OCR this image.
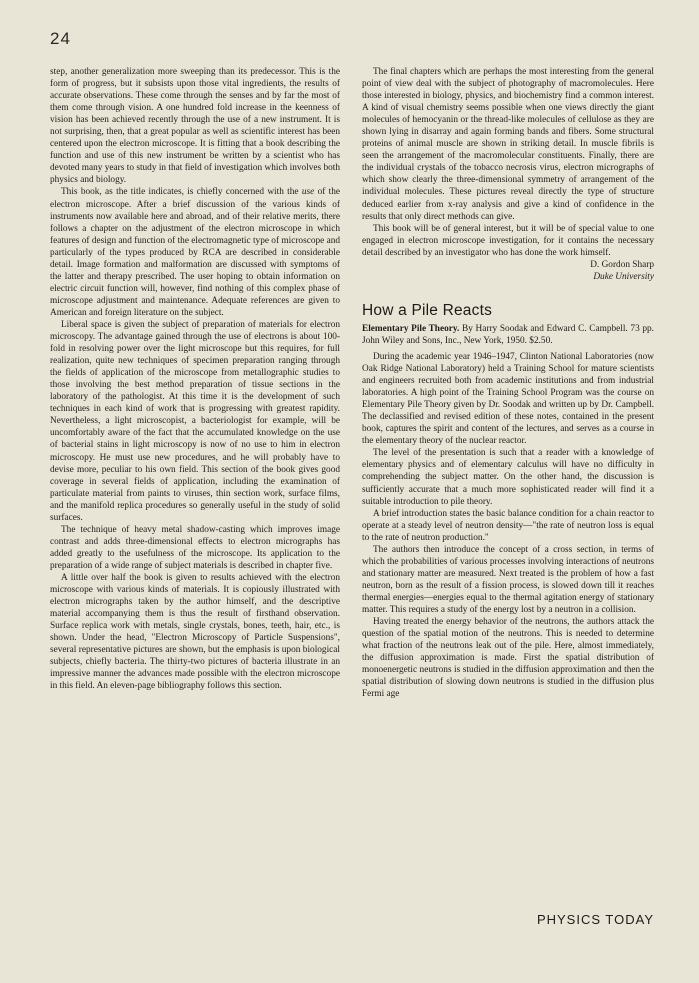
24

step, another generalization more sweeping than its predecessor. This is the form of progress, but it subsists upon those vital ingredients, the results of accurate observations. These come through the senses and by far the most of them come through vision. A one hundred fold increase in the keenness of vision has been achieved recently through the use of a new instrument. It is not surprising, then, that a great popular as well as scientific interest has been centered upon the electron microscope. It is fitting that a book describing the function and use of this new instrument be written by a scientist who has devoted many years to study in that field of investigation which involves both physics and biology.

This book, as the title indicates, is chiefly concerned with the use of the electron microscope. After a brief discussion of the various kinds of instruments now available here and abroad, and of their relative merits, there follows a chapter on the adjustment of the electron microscope in which features of design and function of the electromagnetic type of microscope and particularly of the types produced by RCA are described in considerable detail. Image formation and malformation are discussed with symptoms of the latter and therapy prescribed. The user hoping to obtain information on electric circuit function will, however, find nothing of this complex phase of microscope adjustment and maintenance. Adequate references are given to American and foreign literature on the subject.

Liberal space is given the subject of preparation of materials for electron microscopy. The advantage gained through the use of electrons is about 100-fold in resolving power over the light microscope but this requires, for full realization, quite new techniques of specimen preparation ranging through the fields of application of the microscope from metallographic studies to those involving the best method preparation of tissue sections in the laboratory of the pathologist. At this time it is the development of such techniques in each kind of work that is progressing with greatest rapidity. Nevertheless, a light microscopist, a bacteriologist for example, will be uncomfortably aware of the fact that the accumulated knowledge on the use of bacterial stains in light microscopy is now of no use to him in electron microscopy. He must use new procedures, and he will probably have to devise more, peculiar to his own field. This section of the book gives good coverage in several fields of application, including the examination of particulate material from paints to viruses, thin section work, surface films, and the manifold replica procedures so generally useful in the study of solid surfaces.

The technique of heavy metal shadow-casting which improves image contrast and adds three-dimensional effects to electron micrographs has added greatly to the usefulness of the microscope. Its application to the preparation of a wide range of subject materials is described in chapter five.

A little over half the book is given to results achieved with the electron microscope with various kinds of materials. It is copiously illustrated with electron micrographs taken by the author himself, and the descriptive material accompanying them is thus the result of firsthand observation. Surface replica work with metals, single crystals, bones, teeth, hair, etc., is shown. Under the head, "Electron Microscopy of Particle Suspensions", several representative pictures are shown, but the emphasis is upon biological subjects, chiefly bacteria. The thirty-two pictures of bacteria illustrate in an impressive manner the advances made possible with the electron microscope in this field. An eleven-page bibliography follows this section.

The final chapters which are perhaps the most interesting from the general point of view deal with the subject of photography of macromolecules. Here those interested in biology, physics, and biochemistry find a common interest. A kind of visual chemistry seems possible when one views directly the giant molecules of hemocyanin or the thread-like molecules of cellulose as they are shown lying in disarray and again forming bands and fibers. Some structural proteins of animal muscle are shown in striking detail. In muscle fibrils is seen the arrangement of the macromolecular constituents. Finally, there are the individual crystals of the tobacco necrosis virus, electron micrographs of which show clearly the three-dimensional symmetry of arrangement of the individual molecules. These pictures reveal directly the type of structure deduced earlier from x-ray analysis and give a kind of confidence in the results that only direct methods can give.

This book will be of general interest, but it will be of special value to one engaged in electron microscope investigation, for it contains the necessary detail described by an investigator who has done the work himself.

D. Gordon Sharp

Duke University

How a Pile Reacts

Elementary Pile Theory. By Harry Soodak and Edward C. Campbell. 73 pp. John Wiley and Sons, Inc., New York, 1950. $2.50.

During the academic year 1946–1947, Clinton National Laboratories (now Oak Ridge National Laboratory) held a Training School for mature scientists and engineers recruited both from academic institutions and from industrial laboratories. A high point of the Training School Program was the course on Elementary Pile Theory given by Dr. Soodak and written up by Dr. Campbell. The declassified and revised edition of these notes, contained in the present book, captures the spirit and content of the lectures, and serves as a course in the elementary theory of the nuclear reactor.

The level of the presentation is such that a reader with a knowledge of elementary physics and of elementary calculus will have no difficulty in comprehending the subject matter. On the other hand, the discussion is sufficiently accurate that a much more sophisticated reader will find it a suitable introduction to pile theory.

A brief introduction states the basic balance condition for a chain reactor to operate at a steady level of neutron density—"the rate of neutron loss is equal to the rate of neutron production."

The authors then introduce the concept of a cross section, in terms of which the probabilities of various processes involving interactions of neutrons and stationary matter are measured. Next treated is the problem of how a fast neutron, born as the result of a fission process, is slowed down till it reaches thermal energies—energies equal to the thermal agitation energy of stationary matter. This requires a study of the energy lost by a neutron in a collision.

Having treated the energy behavior of the neutrons, the authors attack the question of the spatial motion of the neutrons. This is needed to determine what fraction of the neutrons leak out of the pile. Here, almost immediately, the diffusion approximation is made. First the spatial distribution of monoenergetic neutrons is studied in the diffusion approximation and then the spatial distribution of slowing down neutrons is studied in the diffusion plus Fermi age

PHYSICS TODAY
